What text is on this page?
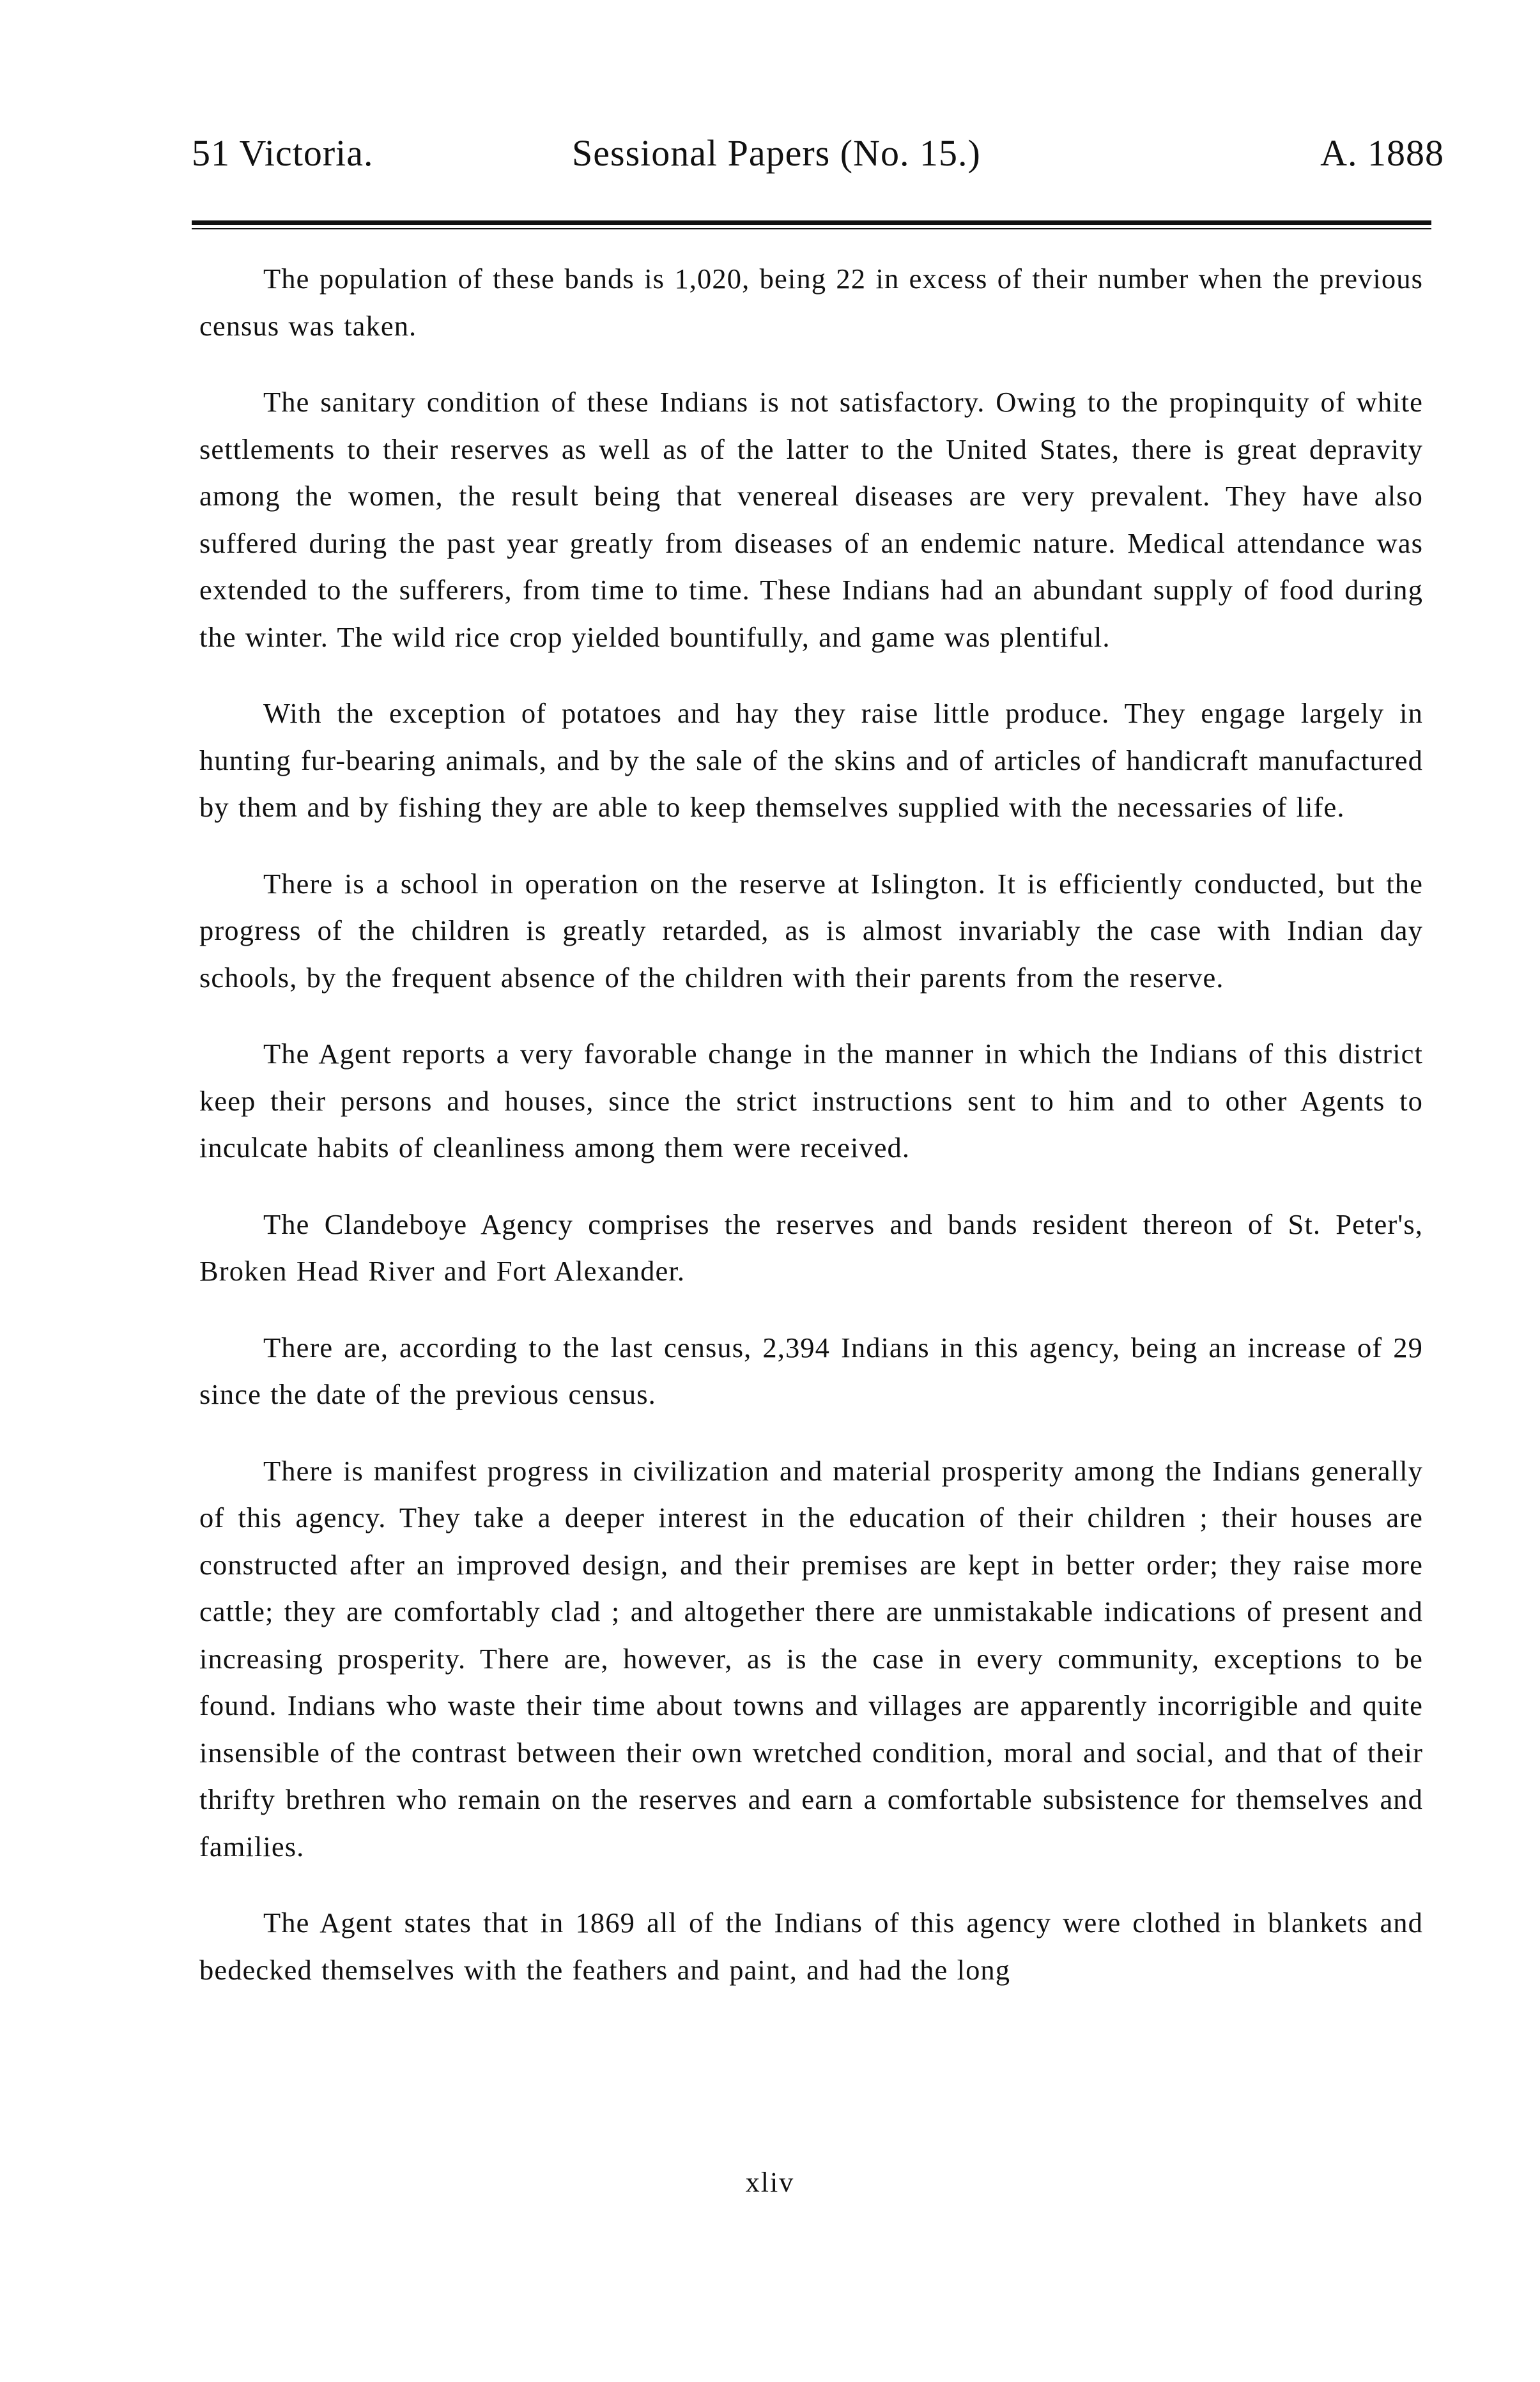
51 Victoria.	Sessional Papers (No. 15.)	A. 1888

The population of these bands is 1,020, being 22 in excess of their number when the previous census was taken.

The sanitary condition of these Indians is not satisfactory. Owing to the propinquity of white settlements to their reserves as well as of the latter to the United States, there is great depravity among the women, the result being that venereal diseases are very prevalent. They have also suffered during the past year greatly from diseases of an endemic nature. Medical attendance was extended to the sufferers, from time to time. These Indians had an abundant supply of food during the winter. The wild rice crop yielded bountifully, and game was plentiful.

With the exception of potatoes and hay they raise little produce. They engage largely in hunting fur-bearing animals, and by the sale of the skins and of articles of handicraft manufactured by them and by fishing they are able to keep themselves supplied with the necessaries of life.

There is a school in operation on the reserve at Islington. It is efficiently conducted, but the progress of the children is greatly retarded, as is almost invariably the case with Indian day schools, by the frequent absence of the children with their parents from the reserve.

The Agent reports a very favorable change in the manner in which the Indians of this district keep their persons and houses, since the strict instructions sent to him and to other Agents to inculcate habits of cleanliness among them were received.

The Clandeboye Agency comprises the reserves and bands resident thereon of St. Peter's, Broken Head River and Fort Alexander.

There are, according to the last census, 2,394 Indians in this agency, being an increase of 29 since the date of the previous census.

There is manifest progress in civilization and material prosperity among the Indians generally of this agency. They take a deeper interest in the education of their children ; their houses are constructed after an improved design, and their premises are kept in better order; they raise more cattle; they are comfortably clad ; and altogether there are unmistakable indications of present and increasing prosperity. There are, however, as is the case in every community, exceptions to be found. Indians who waste their time about towns and villages are apparently incorrigible and quite insensible of the contrast between their own wretched condition, moral and social, and that of their thrifty brethren who remain on the reserves and earn a comfortable subsistence for themselves and families.

The Agent states that in 1869 all of the Indians of this agency were clothed in blankets and bedecked themselves with the feathers and paint, and had the long

xliv
